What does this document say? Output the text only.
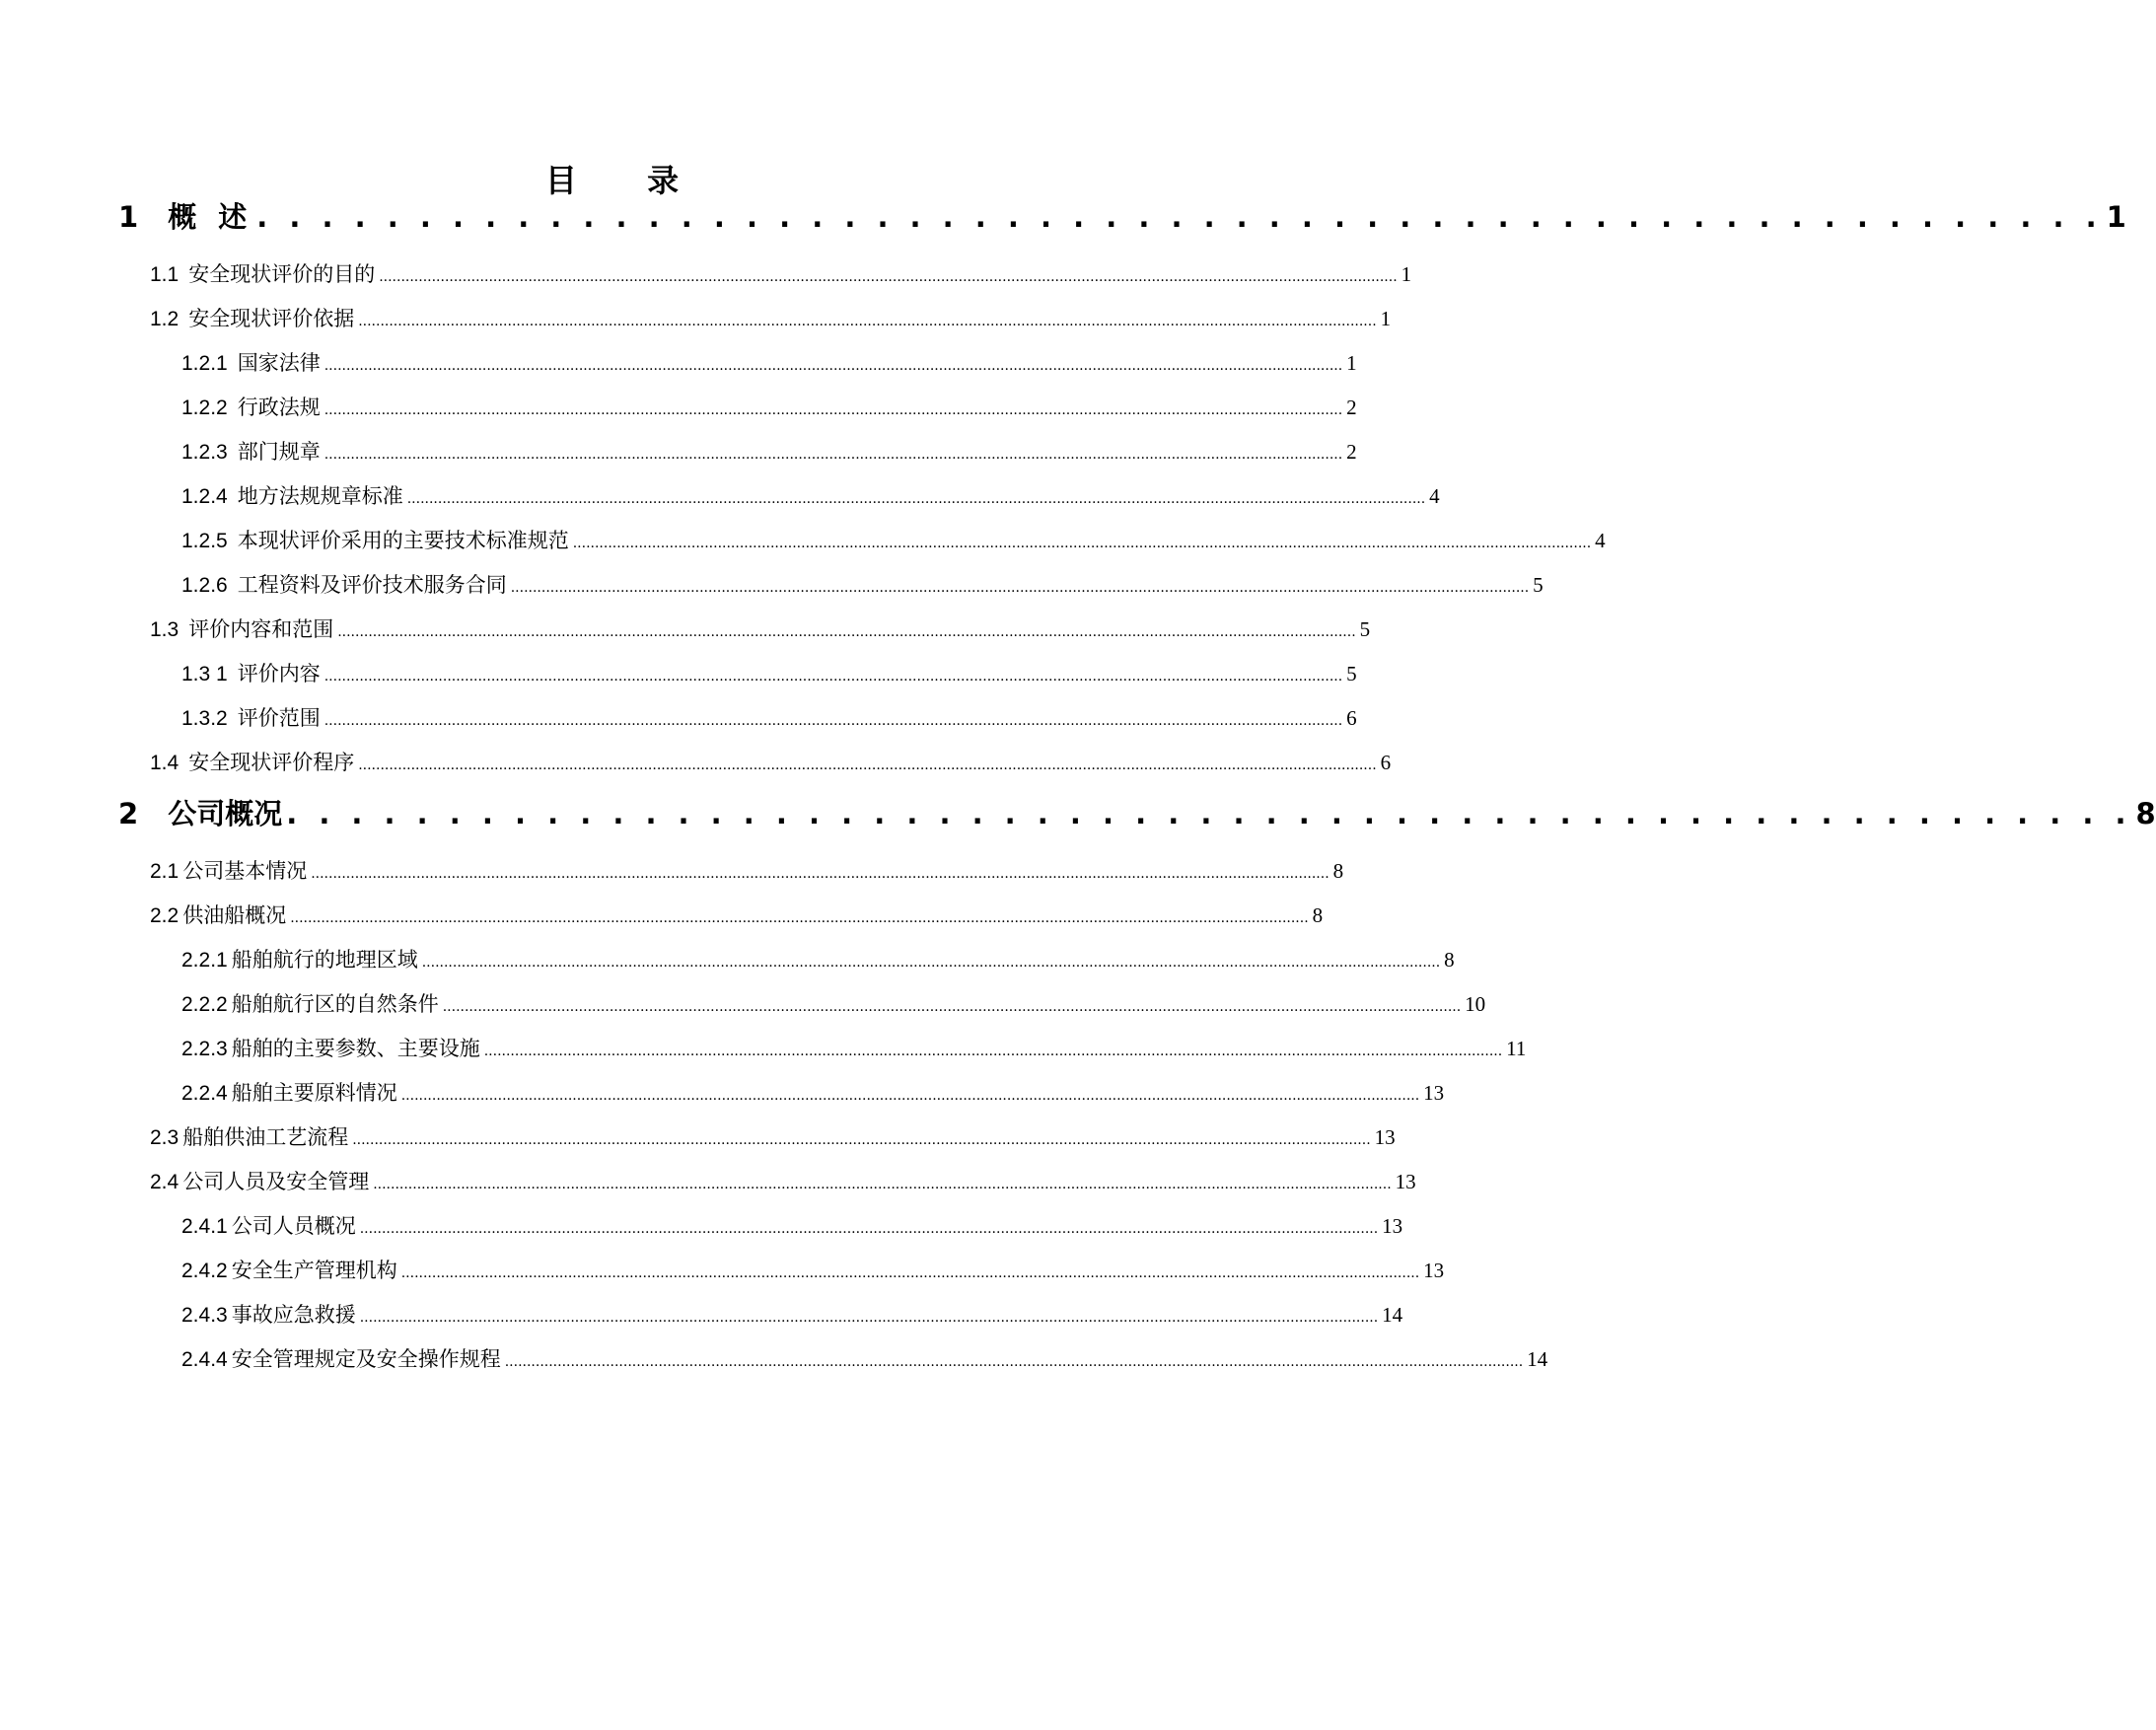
目 录
1 概 述 . . . . . . . . . . . . . . . . . . . . . . . . . . . . . . . . . . . . . . . . . . . . . . . . . . . . . . . . . 1
1.1 安全现状评价的目的 ........................................................................................................................................................................................................................................ 1
1.2 安全现状评价依据 ........................................................................................................................................................................................................................................ 1
1.2.1 国家法律 ........................................................................................................................................................................................................................................ 1
1.2.2 行政法规 ........................................................................................................................................................................................................................................ 2
1.2.3 部门规章 ........................................................................................................................................................................................................................................ 2
1.2.4 地方法规规章标准 ........................................................................................................................................................................................................................................ 4
1.2.5 本现状评价采用的主要技术标准规范 ........................................................................................................................................................................................................................................ 4
1.2.6 工程资料及评价技术服务合同 ........................................................................................................................................................................................................................................ 5
1.3 评价内容和范围 ........................................................................................................................................................................................................................................ 5
1.3 1 评价内容 ........................................................................................................................................................................................................................................ 5
1.3.2 评价范围 ........................................................................................................................................................................................................................................ 6
1.4 安全现状评价程序 ........................................................................................................................................................................................................................................ 6
2 公司概况 . . . . . . . . . . . . . . . . . . . . . . . . . . . . . . . . . . . . . . . . . . . . . . . . . . . . . . . . . 8
2.1 公司基本情况 ........................................................................................................................................................................................................................................ 8
2.2 供油船概况 ........................................................................................................................................................................................................................................ 8
2.2.1 船舶航行的地理区域 ........................................................................................................................................................................................................................................ 8
2.2.2 船舶航行区的自然条件 ........................................................................................................................................................................................................................................ 10
2.2.3 船舶的主要参数、主要设施 ........................................................................................................................................................................................................................................ 11
2.2.4 船舶主要原料情况 ........................................................................................................................................................................................................................................ 13
2.3 船舶供油工艺流程 ........................................................................................................................................................................................................................................ 13
2.4 公司人员及安全管理 ........................................................................................................................................................................................................................................ 13
2.4.1 公司人员概况 ........................................................................................................................................................................................................................................ 13
2.4.2 安全生产管理机构 ........................................................................................................................................................................................................................................ 13
2.4.3 事故应急救援 ........................................................................................................................................................................................................................................ 14
2.4.4 安全管理规定及安全操作规程 ........................................................................................................................................................................................................................................ 14
